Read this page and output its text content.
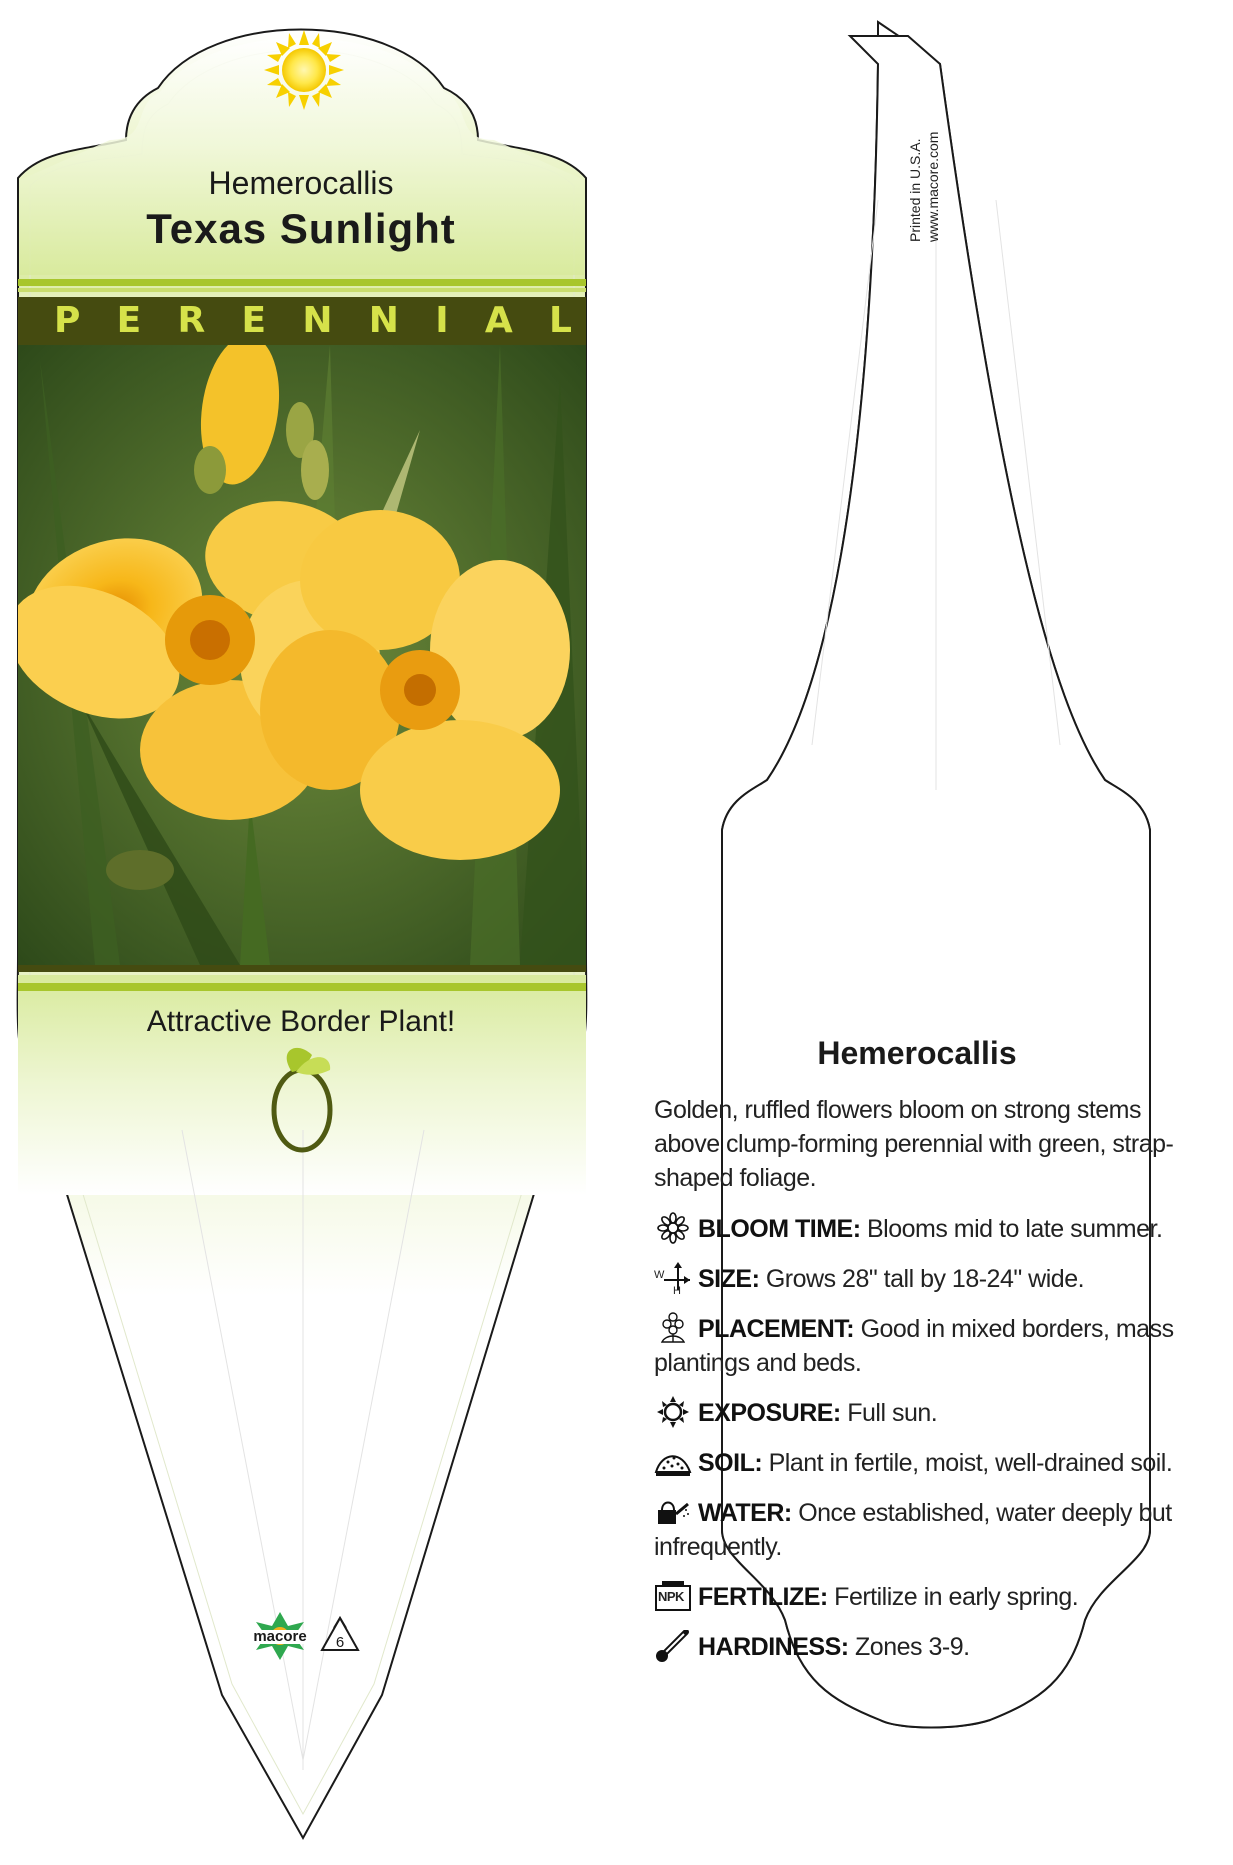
Hemerocallis
Texas Sunlight
P E R E N N I A L
Attractive Border Plant!
macore	6
Printed in U.S.A. www.macore.com
Hemerocallis
Golden, ruffled flowers bloom on strong stems above clump-forming perennial with green, strap-shaped foliage.
BLOOM TIME: Blooms mid to late summer.
W
H SIZE: Grows 28" tall by 18-24" wide.
PLACEMENT: Good in mixed borders, mass plantings and beds.
EXPOSURE: Full sun.
SOIL: Plant in fertile, moist, well-drained soil.
WATER: Once established, water deeply but infrequently.
NPK FERTILIZE: Fertilize in early spring.
HARDINESS: Zones 3-9.
